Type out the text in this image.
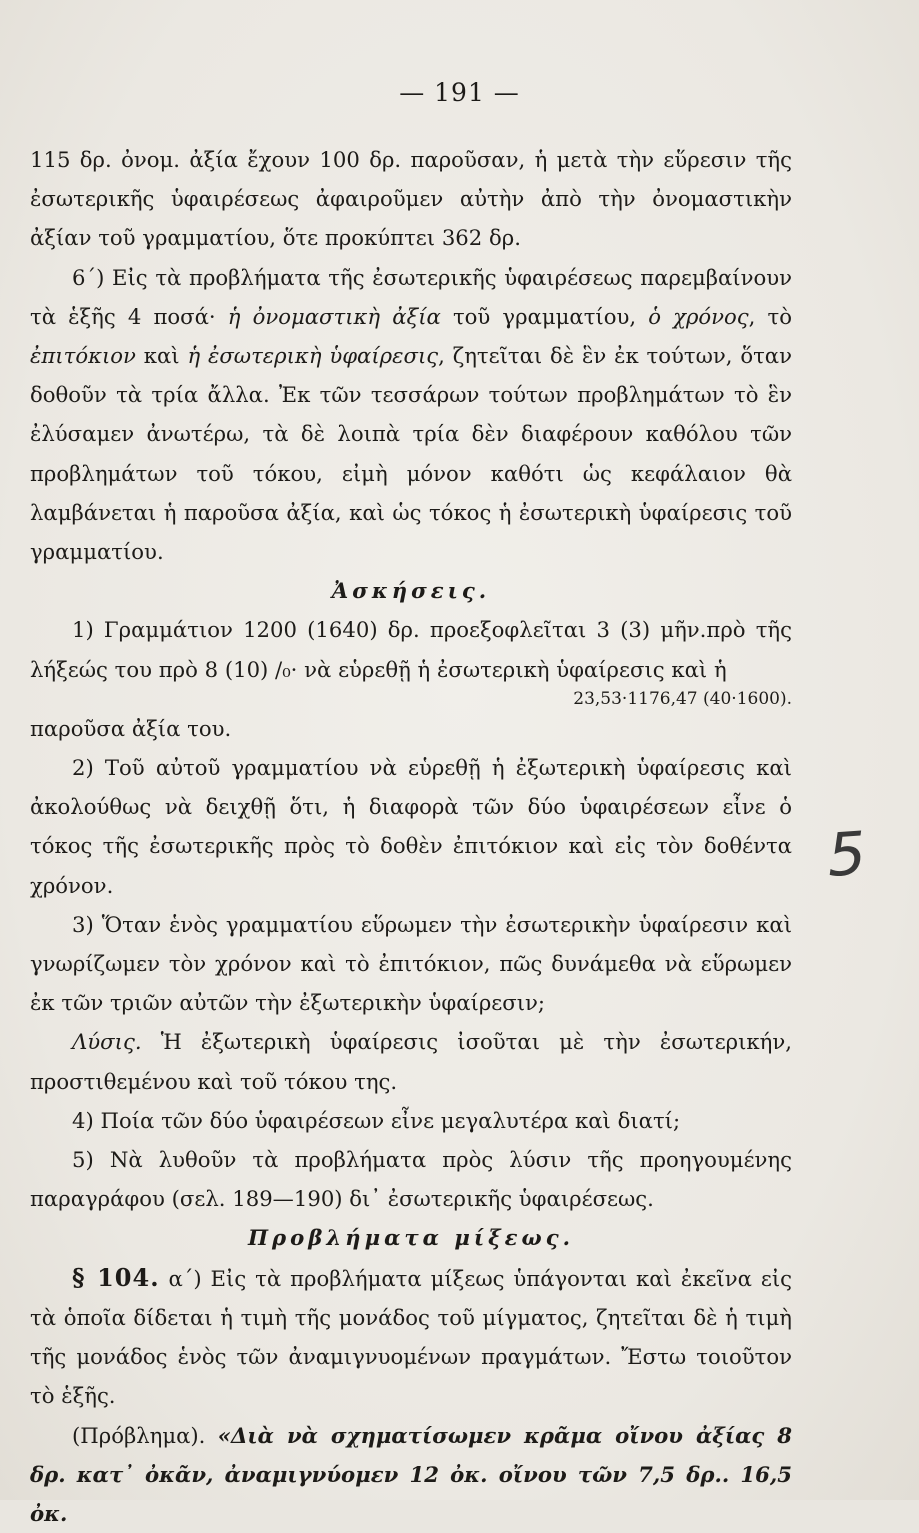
— 191 —

115 δρ. ὀνομ. ἀξία ἔχουν 100 δρ. παροῦσαν, ἡ μετὰ τὴν εὕρεσιν τῆς ἐσωτερικῆς ὑφαιρέσεως ἀφαιροῦμεν αὐτὴν ἀπὸ τὴν ὀνομαστικὴν ἀξίαν τοῦ γραμματίου, ὅτε προκύπτει 362 δρ.

6΄) Εἰς τὰ προβλήματα τῆς ἐσωτερικῆς ὑφαιρέσεως παρεμβαίνουν τὰ ἑξῆς 4 ποσά· ἡ ὀνομαστικὴ ἀξία τοῦ γραμματίου, ὁ χρόνος, τὸ ἐπιτόκιον καὶ ἡ ἐσωτερικὴ ὑφαίρεσις, ζητεῖται δὲ ἓν ἐκ τούτων, ὅταν δοθοῦν τὰ τρία ἄλλα. Ἐκ τῶν τεσσάρων τούτων προβλημάτων τὸ ἓν ἐλύσαμεν ἀνωτέρω, τὰ δὲ λοιπὰ τρία δὲν διαφέρουν καθόλου τῶν προβλημάτων τοῦ τόκου, εἰμὴ μόνον καθότι ὡς κεφάλαιον θὰ λαμβάνεται ἡ παροῦσα ἀξία, καὶ ὡς τόκος ἡ ἐσωτερικὴ ὑφαίρεσις τοῦ γραμματίου.

Ἀσκήσεις.

1) Γραμμάτιον 1200 (1640) δρ. προεξοφλεῖται 3 (3) μῆν.πρὸ τῆς λήξεώς του πρὸ 8 (10) /₀· νὰ εὑρεθῇ ἡ ἐσωτερικὴ ὑφαίρεσις καὶ ἡ

23,53·1176,47 (40·1600).

παροῦσα ἀξία του.

2) Τοῦ αὐτοῦ γραμματίου νὰ εὑρεθῇ ἡ ἐξωτερικὴ ὑφαίρεσις καὶ ἀκολούθως νὰ δειχθῇ ὅτι, ἡ διαφορὰ τῶν δύο ὑφαιρέσεων εἶνε ὁ τόκος τῆς ἐσωτερικῆς πρὸς τὸ δοθὲν ἐπιτόκιον καὶ εἰς τὸν δοθέντα χρόνον.

3) Ὅταν ἑνὸς γραμματίου εὕρωμεν τὴν ἐσωτερικὴν ὑφαίρεσιν καὶ γνωρίζωμεν τὸν χρόνον καὶ τὸ ἐπιτόκιον, πῶς δυνάμεθα νὰ εὕρωμεν ἐκ τῶν τριῶν αὐτῶν τὴν ἐξωτερικὴν ὑφαίρεσιν;

Λύσις. Ἡ ἐξωτερικὴ ὑφαίρεσις ἰσοῦται μὲ τὴν ἐσωτερικήν, προστιθεμένου καὶ τοῦ τόκου της.

4) Ποία τῶν δύο ὑφαιρέσεων εἶνε μεγαλυτέρα καὶ διατί;

5) Νὰ λυθοῦν τὰ προβλήματα πρὸς λύσιν τῆς προηγουμένης παραγράφου (σελ. 189—190) δι᾽ ἐσωτερικῆς ὑφαιρέσεως.

Προβλήματα μίξεως.

§ 104. α΄) Εἰς τὰ προβλήματα μίξεως ὑπάγονται καὶ ἐκεῖνα εἰς τὰ ὁποῖα δίδεται ἡ τιμὴ τῆς μονάδος τοῦ μίγματος, ζητεῖται δὲ ἡ τιμὴ τῆς μονάδος ἑνὸς τῶν ἀναμιγνυομένων πραγμάτων. Ἔστω τοιοῦτον τὸ ἑξῆς.

(Πρόβλημα). «Διὰ νὰ σχηματίσωμεν κρᾶμα οἴνου ἀξίας 8 δρ. κατ᾽ ὀκᾶν, ἀναμιγνύομεν 12 ὀκ. οἴνου τῶν 7,5 δρ.. 16,5 ὀκ.

5
